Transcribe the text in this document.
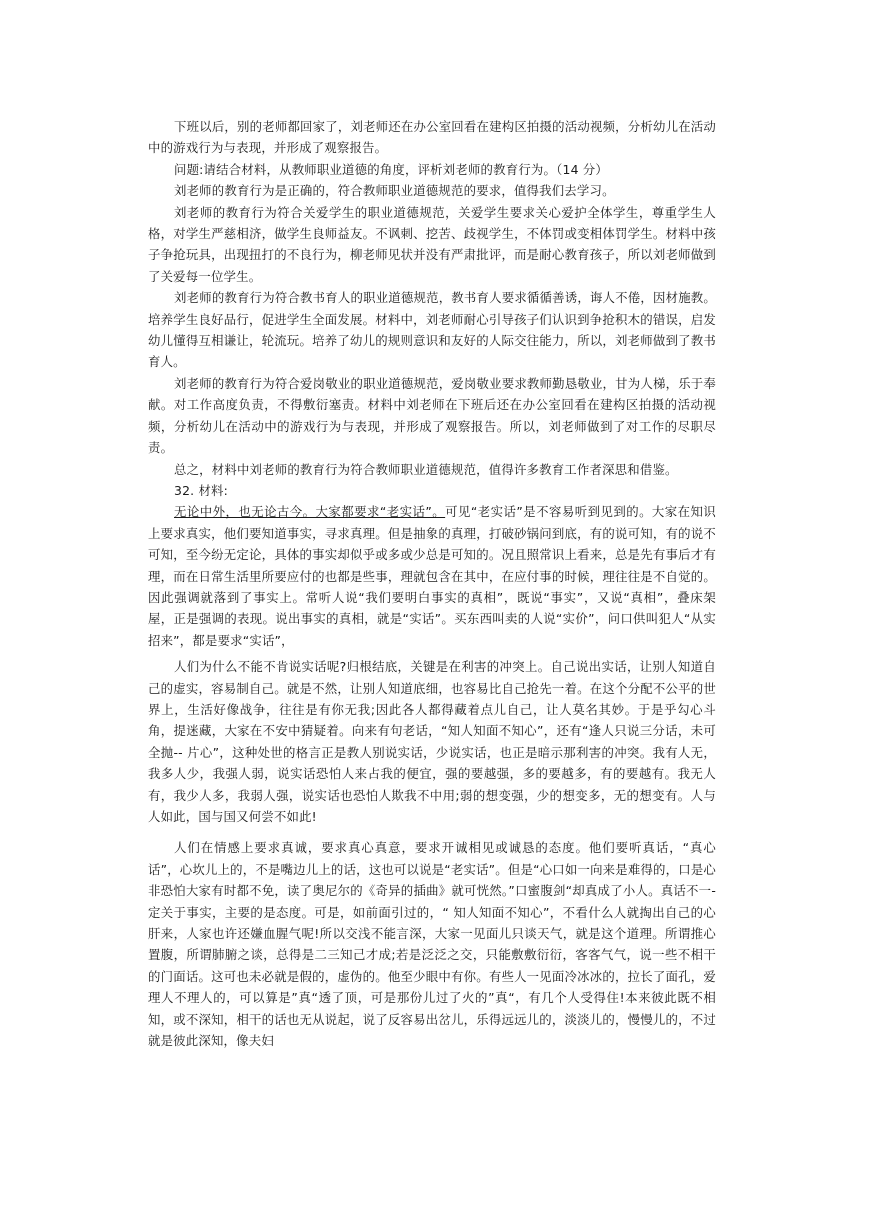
下班以后，别的老师都回家了，刘老师还在办公室回看在建构区拍摄的活动视频，分析幼儿在活动中的游戏行为与表现，并形成了观察报告。

问题:请结合材料，从教师职业道德的角度，评析刘老师的教育行为。（14 分）

刘老师的教育行为是正确的，符合教师职业道德规范的要求，值得我们去学习。

刘老师的教育行为符合关爱学生的职业道德规范，关爱学生要求关心爱护全体学生，尊重学生人格，对学生严慈相济，做学生良师益友。不讽刺、挖苦、歧视学生，不体罚或变相体罚学生。材料中孩子争抢玩具，出现扭打的不良行为，柳老师见状并没有严肃批评，而是耐心教育孩子，所以刘老师做到了关爱每一位学生。

刘老师的教育行为符合教书育人的职业道德规范，教书育人要求循循善诱，诲人不倦，因材施教。培养学生良好品行，促进学生全面发展。材料中，刘老师耐心引导孩子们认识到争抢积木的错误，启发幼儿懂得互相谦让，轮流玩。培养了幼儿的规则意识和友好的人际交往能力，所以，刘老师做到了教书育人。

刘老师的教育行为符合爱岗敬业的职业道德规范，爱岗敬业要求教师勤恳敬业，甘为人梯，乐于奉献。对工作高度负责，不得敷衍塞责。材料中刘老师在下班后还在办公室回看在建构区拍摄的活动视频，分析幼儿在活动中的游戏行为与表现，并形成了观察报告。所以，刘老师做到了对工作的尽职尽责。

总之，材料中刘老师的教育行为符合教师职业道德规范，值得许多教育工作者深思和借鉴。

32. 材料:

无论中外，也无论古今。大家都要求“老实话”。可见“老实话”是不容易听到见到的。大家在知识上要求真实，他们要知道事实，寻求真理。但是抽象的真理，打破砂锅问到底，有的说可知，有的说不可知，至今纷无定论，具体的事实却似乎或多或少总是可知的。况且照常识上看来，总是先有事后才有理，而在日常生活里所要应付的也都是些事，理就包含在其中，在应付事的时候，理往往是不自觉的。因此强调就落到了事实上。常听人说“我们要明白事实的真相”，既说“事实”，又说“真相”，叠床架屋，正是强调的表现。说出事实的真相，就是“实话”。买东西叫卖的人说“实价”，问口供叫犯人“从实招来”，都是要求“实话”，

人们为什么不能不肯说实话呢?归根结底，关键是在利害的冲突上。自己说出实话，让别人知道自己的虚实，容易制自己。就是不然，让别人知道底细，也容易比自己抢先一着。在这个分配不公平的世界上，生活好像战争，往往是有你无我;因此各人都得藏着点儿自己，让人莫名其妙。于是乎勾心斗角，提迷藏，大家在不安中猜疑着。向来有句老话，“知人知面不知心”，还有“逢人只说三分话，未可全抛-- 片心”，这种处世的格言正是教人别说实话，少说实话，也正是暗示那利害的冲突。我有人无，我多人少，我强人弱，说实话恐怕人来占我的便宜，强的要越强，多的要越多，有的要越有。我无人有，我少人多，我弱人强，说实话也恐怕人欺我不中用;弱的想变强，少的想变多，无的想变有。人与人如此，国与国又何尝不如此!

人们在情感上要求真诚，要求真心真意，要求开诚相见或诚恳的态度。他们要听真话，“真心话”，心坎儿上的，不是嘴边儿上的话，这也可以说是“老实话”。但是“心口如一向来是难得的，口是心非恐怕大家有时都不免，读了奥尼尔的《奇异的插曲》就可恍然。”口蜜腹剑“却真成了小人。真话不一-定关于事实，主要的是态度。可是，如前面引过的，“ 知人知面不知心”，不看什么人就掏出自己的心肝来，人家也许还嫌血腥气呢!所以交浅不能言深，大家一见面儿只谈天气，就是这个道理。所谓推心置腹，所谓肺腑之谈，总得是二三知己才成;若是泛泛之交，只能敷敷衍衍，客客气气，说一些不相干的门面话。这可也未必就是假的，虚伪的。他至少眼中有你。有些人一见面冷冰冰的，拉长了面孔，爱理人不理人的，可以算是”真“透了顶，可是那份儿过了火的”真“，有几个人受得住!本来彼此既不相知，或不深知，相干的话也无从说起，说了反容易出岔儿，乐得远远儿的，淡淡儿的，慢慢儿的，不过就是彼此深知，像夫妇
